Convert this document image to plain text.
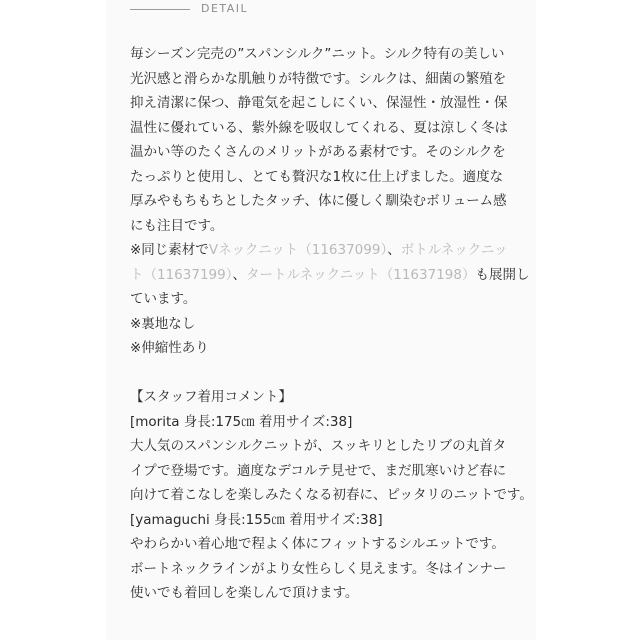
DETAIL
毎シーズン完売の”スパンシルク”ニット。シルク特有の美しい
光沢感と滑らかな肌触りが特徴です。シルクは、細菌の繁殖を
抑え清潔に保つ、静電気を起こしにくい、保湿性・放湿性・保
温性に優れている、紫外線を吸収してくれる、夏は涼しく冬は
温かい等のたくさんのメリットがある素材です。そのシルクを
たっぷりと使用し、とても贅沢な1枚に仕上げました。適度な
厚みやもちもちとしたタッチ、体に優しく馴染むボリューム感
にも注目です。
※同じ素材でVネックニット（11637099）、ボトルネックニッ
ト（11637199）、タートルネックニット（11637198）も展開し
ています。
※裏地なし
※伸縮性あり
【スタッフ着用コメント】
[morita 身長:175㎝ 着用サイズ:38]
大人気のスパンシルクニットが、スッキリとしたリブの丸首タ
イプで登場です。適度なデコルテ見せで、まだ肌寒いけど春に
向けて着こなしを楽しみたくなる初春に、ピッタリのニットです。
[yamaguchi 身長:155㎝ 着用サイズ:38]
やわらかい着心地で程よく体にフィットするシルエットです。
ボートネックラインがより女性らしく見えます。冬はインナー
使いでも着回しを楽しんで頂けます。
